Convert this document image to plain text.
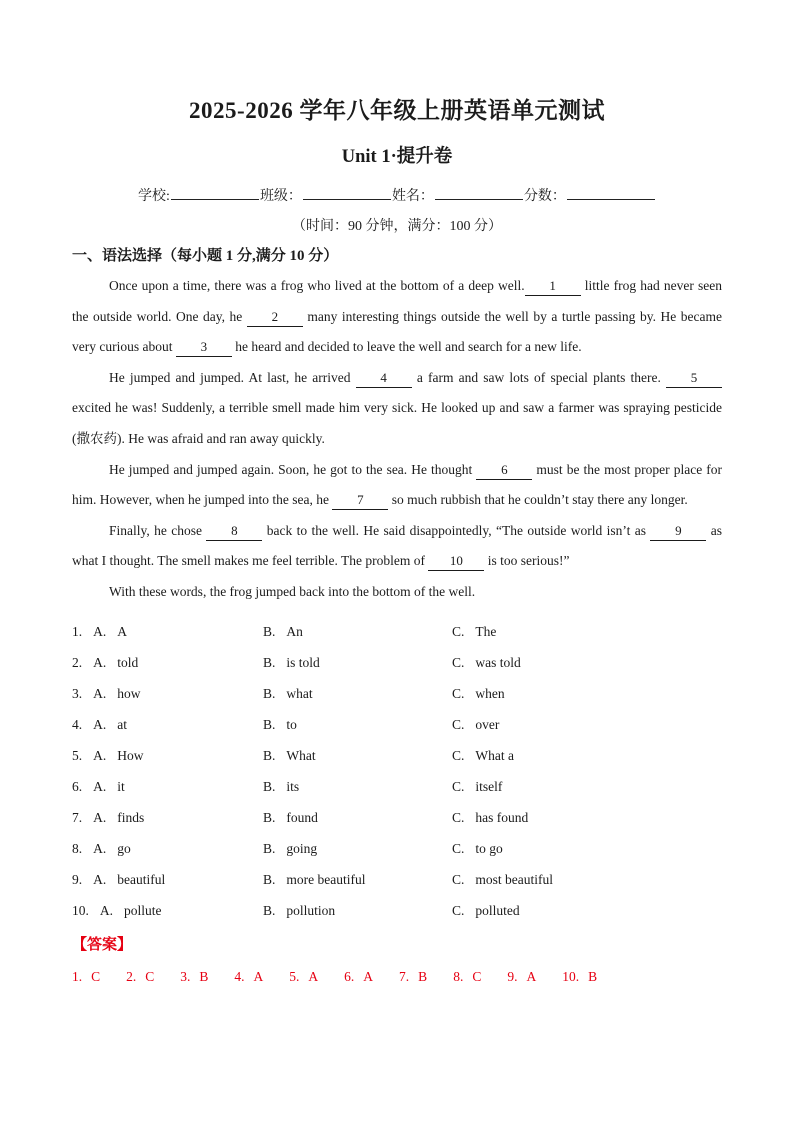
2025-2026 学年八年级上册英语单元测试
Unit 1·提升卷
学校:	班级：	姓名：	分数：
（时间：90 分钟，满分：100 分）
一、语法选择（每小题 1 分,满分 10 分）

Once upon a time, there was a frog who lived at the bottom of a deep well. 1 little frog had never seen the outside world. One day, he 2 many interesting things outside the well by a turtle passing by. He became very curious about 3 he heard and decided to leave the well and search for a new life.

He jumped and jumped. At last, he arrived 4 a farm and saw lots of special plants there. 5 excited he was! Suddenly, a terrible smell made him very sick. He looked up and saw a farmer was spraying pesticide (撒农药). He was afraid and ran away quickly.

He jumped and jumped again. Soon, he got to the sea. He thought 6 must be the most proper place for him. However, when he jumped into the sea, he 7 so much rubbish that he couldn’t stay there any longer.

Finally, he chose 8 back to the well. He said disappointedly, “The outside world isn’t as 9 as what I thought. The smell makes me feel terrible. The problem of 10 is too serious!”

With these words, the frog jumped back into the bottom of the well.

1. A. A	B. An	C. The
2. A. told	B. is told	C. was told
3. A. how	B. what	C. when
4. A. at	B. to	C. over
5. A. How	B. What	C. What a
6. A. it	B. its	C. itself
7. A. finds	B. found	C. has found
8. A. go	B. going	C. to go
9. A. beautiful	B. more beautiful	C. most beautiful
10. A. pollute	B. pollution	C. polluted
【答案】
1. C 2. C 3. B 4. A 5. A 6. A 7. B 8. C 9. A 10. B
